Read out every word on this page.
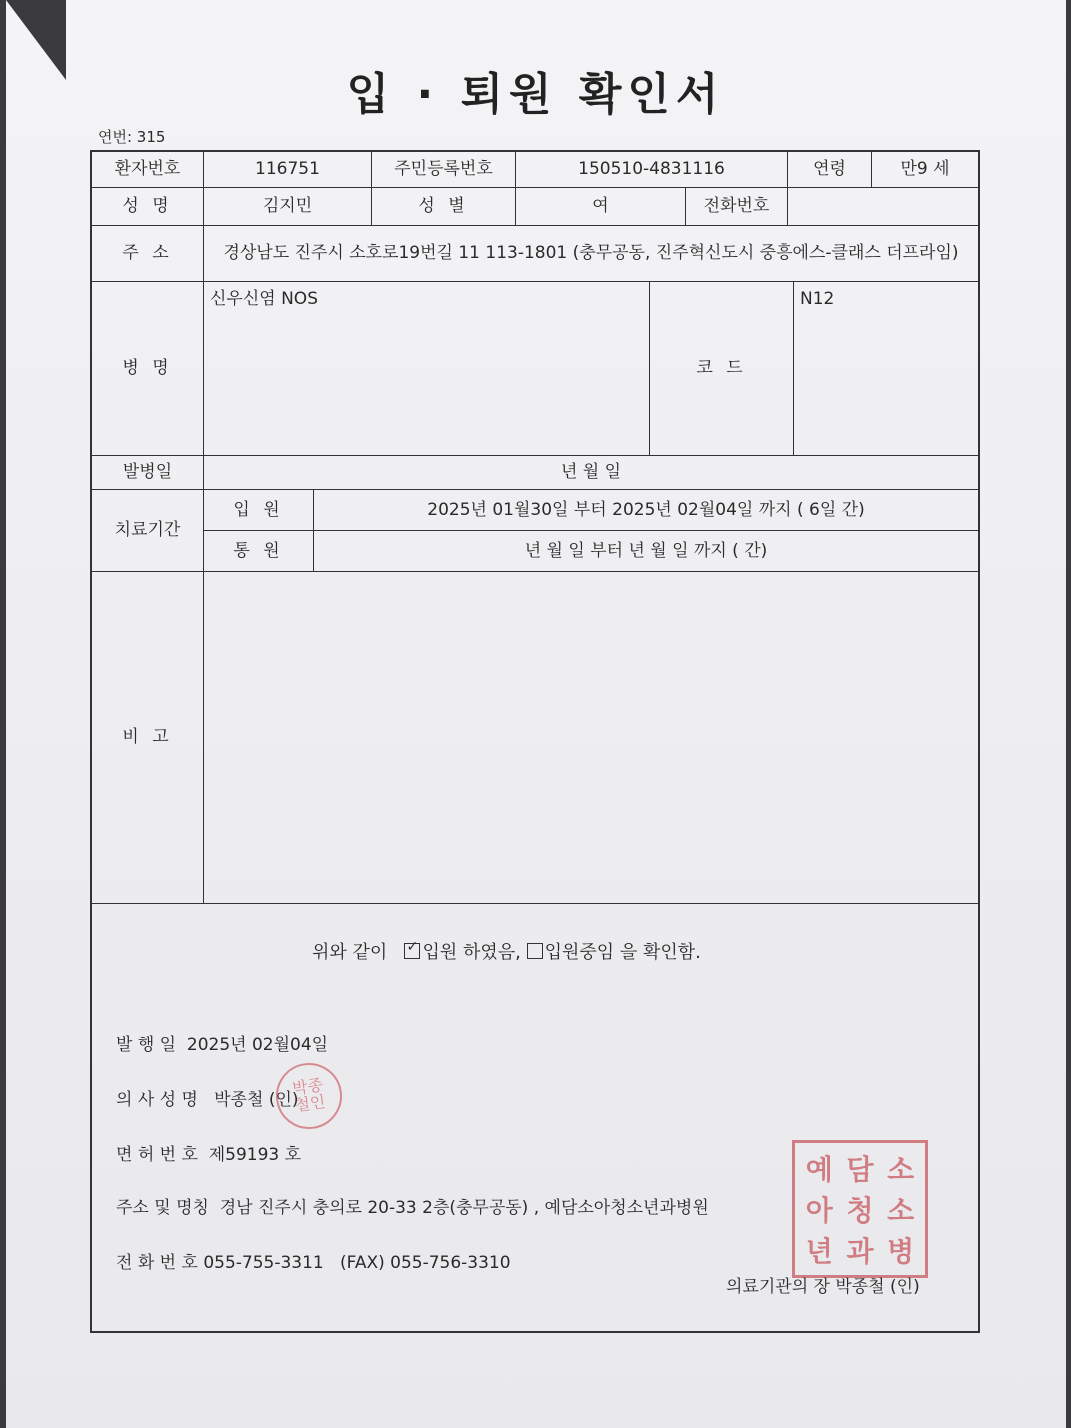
입 · 퇴원 확인서
연번: 315
환자번호	116751	주민등록번호	150510-4831116	연령	만9 세
성 명	김지민	성 별	여	전화번호
주 소	경상남도 진주시 소호로19번길 11 113-1801 (충무공동, 진주혁신도시 중흥에스-클래스 더프라임)
병 명
신우신염 NOS
코 드
N12
발병일	년 월 일
치료기간
입 원	2025년 01월30일 부터 2025년 02월04일 까지 ( 6일 간)
통 원	년 월 일 부터 년 월 일 까지 ( 간)
비 고
위와 같이   ✓ 입원 하였음, 입원중임 을 확인함.
발 행 일 2025년 02월04일
의 사 성 명 박종철 (인)
면 허 번 호 제59193 호
주소 및 명칭 경남 진주시 충의로 20-33 2층(충무공동) , 예담소아청소년과병원
전 화 번 호 055-755-3311 (FAX) 055-756-3310
의료기관의 장 박종철 (인)
박종
철인
예 담 소
아 청 소
년 과 병
